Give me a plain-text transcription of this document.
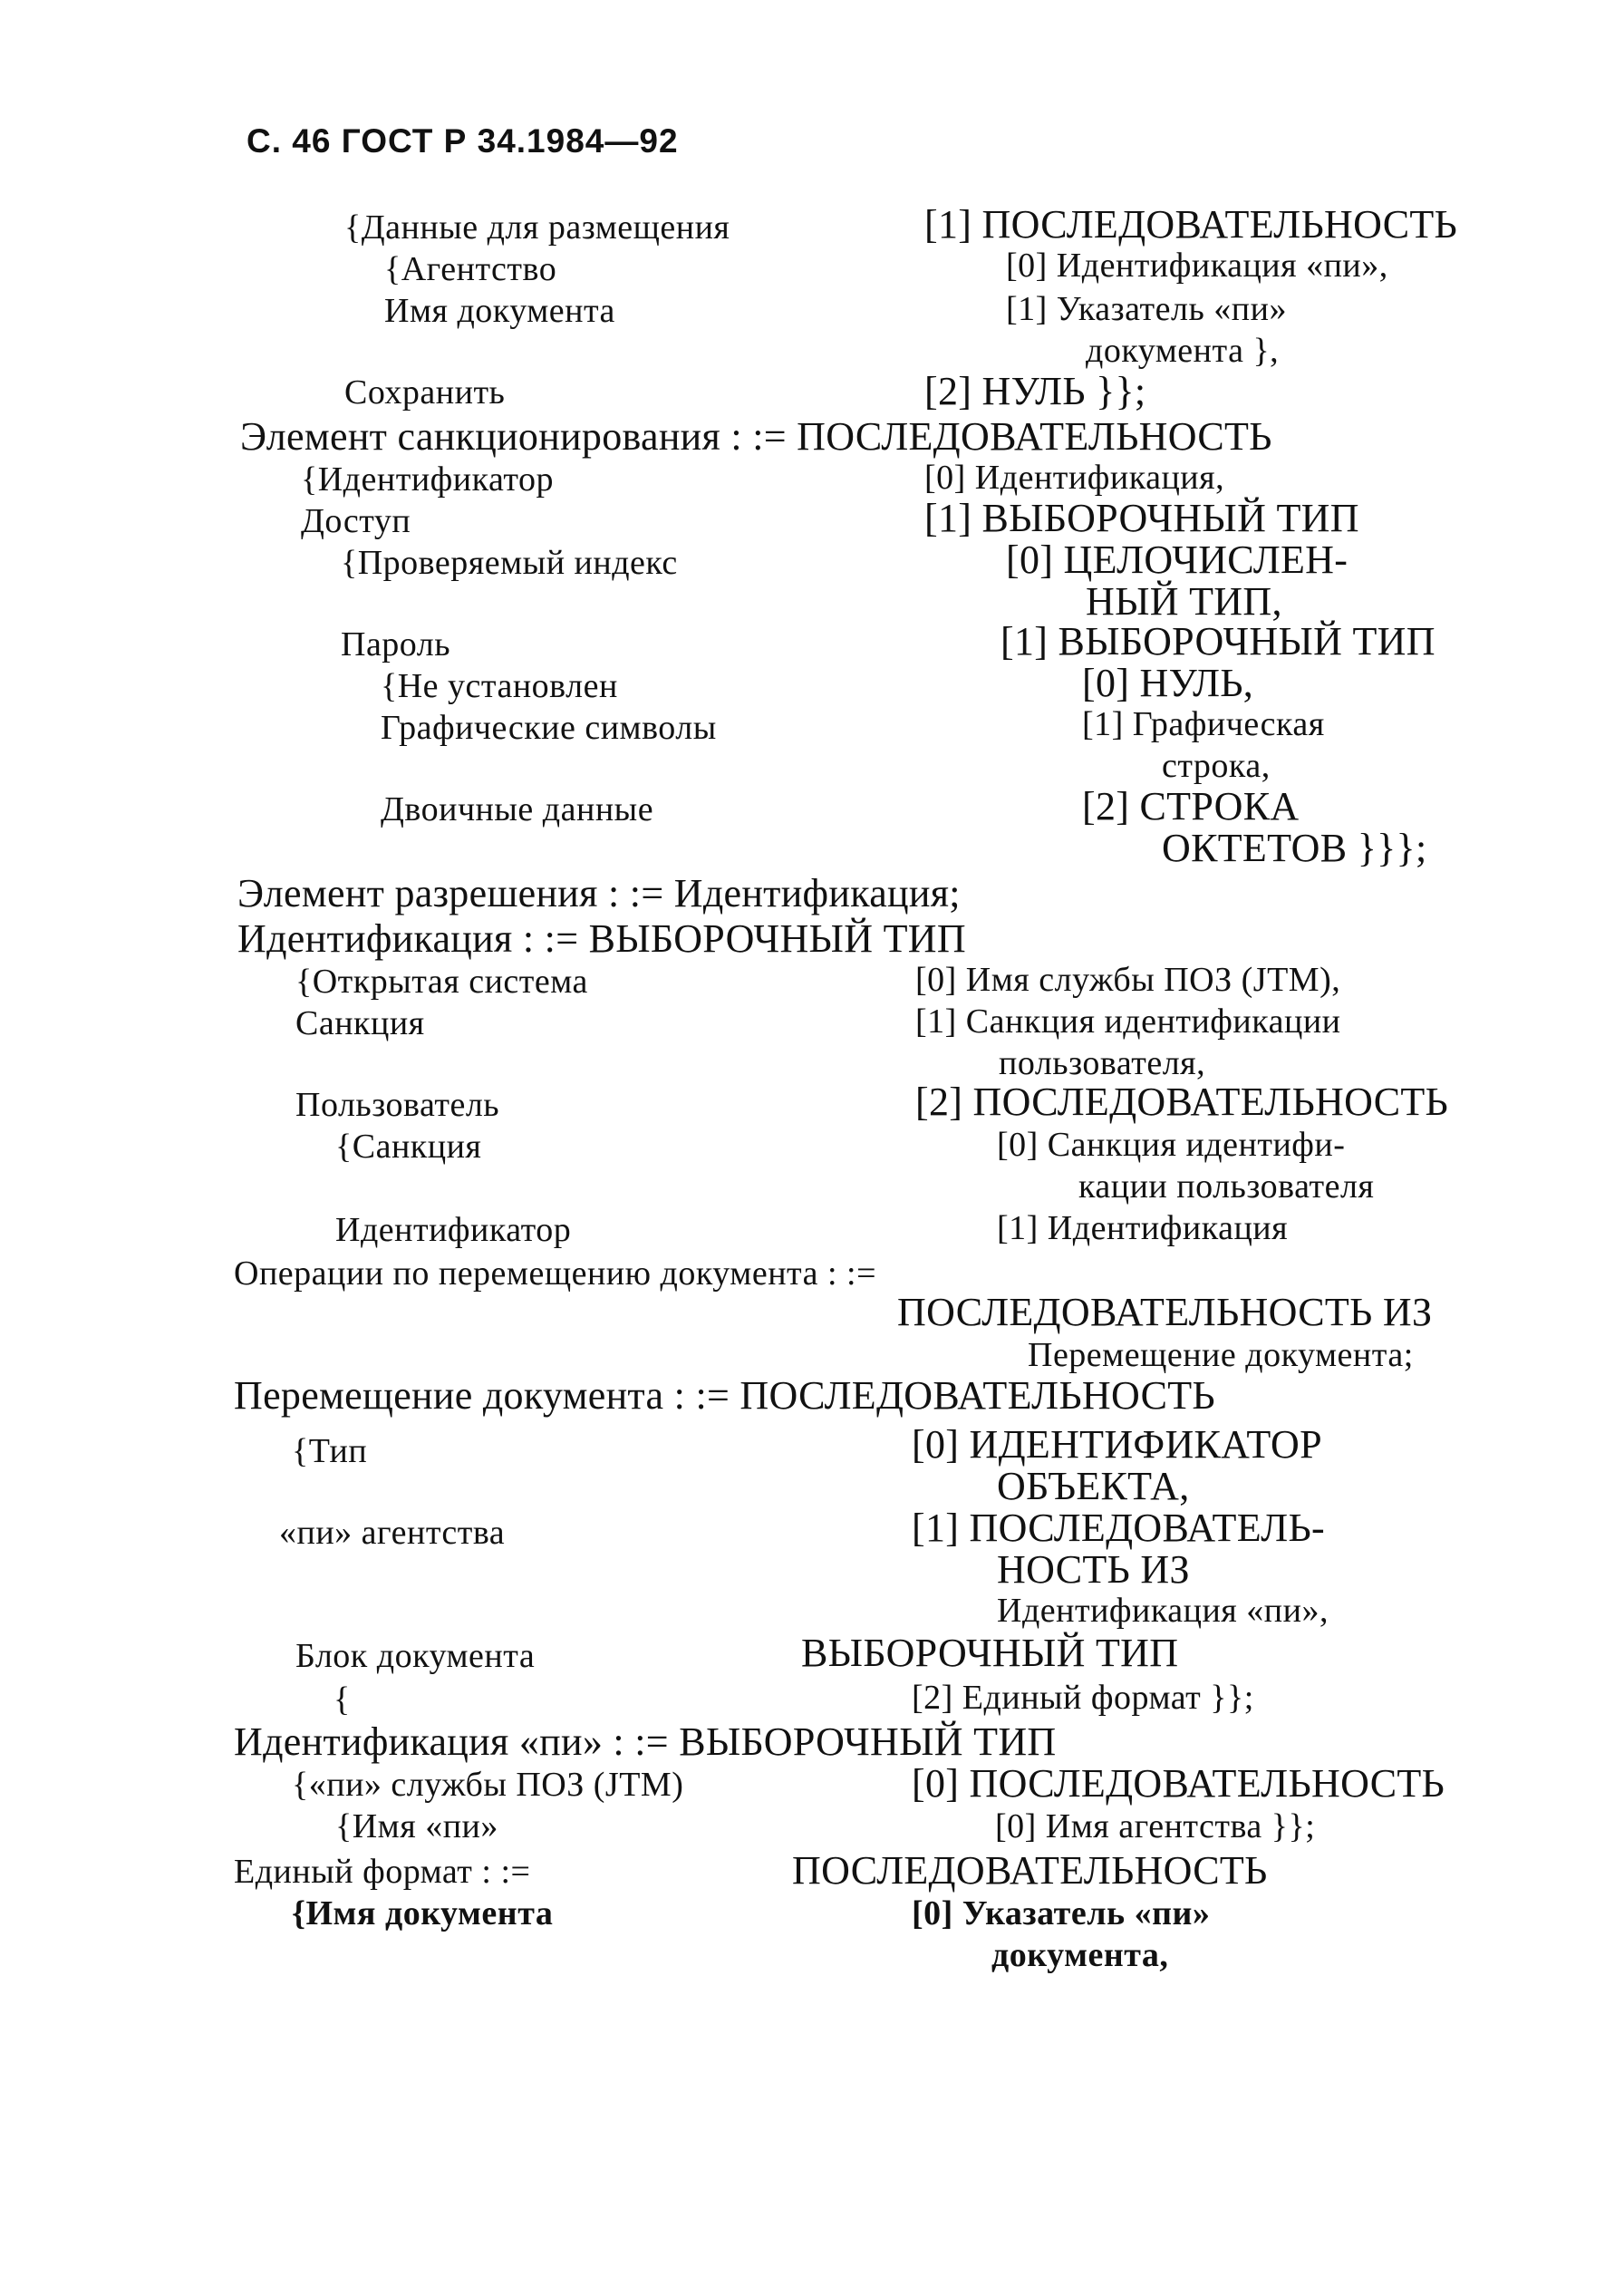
С. 46 ГОСТ Р 34.1984—92
{Данные для размещения	[1] ПОСЛЕДОВАТЕЛЬНОСТЬ
{Агентство	[0] Идентификация «пи»,
Имя документа	[1] Указатель «пи»
документа },
Сохранить	[2] НУЛЬ }};
Элемент санкционирования : := ПОСЛЕДОВАТЕЛЬНОСТЬ
{Идентификатор	[0] Идентификация,
Доступ	[1] ВЫБОРОЧНЫЙ ТИП
{Проверяемый индекс	[0] ЦЕЛОЧИСЛЕН-
НЫЙ ТИП,
Пароль	[1] ВЫБОРОЧНЫЙ ТИП
{Не установлен	[0] НУЛЬ,
Графические символы	[1] Графическая
строка,
Двоичные данные	[2] СТРОКА
ОКТЕТОВ }}};
Элемент разрешения : := Идентификация;
Идентификация : := ВЫБОРОЧНЫЙ ТИП
{Открытая система	[0] Имя службы ПОЗ (JTM),
Санкция	[1] Санкция идентификации
пользователя,
Пользователь	[2] ПОСЛЕДОВАТЕЛЬНОСТЬ
{Санкция	[0] Санкция идентифи-
кации пользователя
Идентификатор	[1] Идентификация
Операции по перемещению документа : :=
ПОСЛЕДОВАТЕЛЬНОСТЬ ИЗ
Перемещение документа;
Перемещение документа : := ПОСЛЕДОВАТЕЛЬНОСТЬ
{Тип	[0] ИДЕНТИФИКАТОР
ОБЪЕКТА,
«пи» агентства	[1] ПОСЛЕДОВАТЕЛЬ-
НОСТЬ ИЗ
Идентификация «пи»,
Блок документа	ВЫБОРОЧНЫЙ ТИП
{	[2] Единый формат }};
Идентификация «пи» : := ВЫБОРОЧНЫЙ ТИП
{«пи» службы ПОЗ (JTM)	[0] ПОСЛЕДОВАТЕЛЬНОСТЬ
{Имя «пи»	[0] Имя агентства }};
Единый формат : :=	ПОСЛЕДОВАТЕЛЬНОСТЬ
{Имя документа	[0] Указатель «пи»
документа,
